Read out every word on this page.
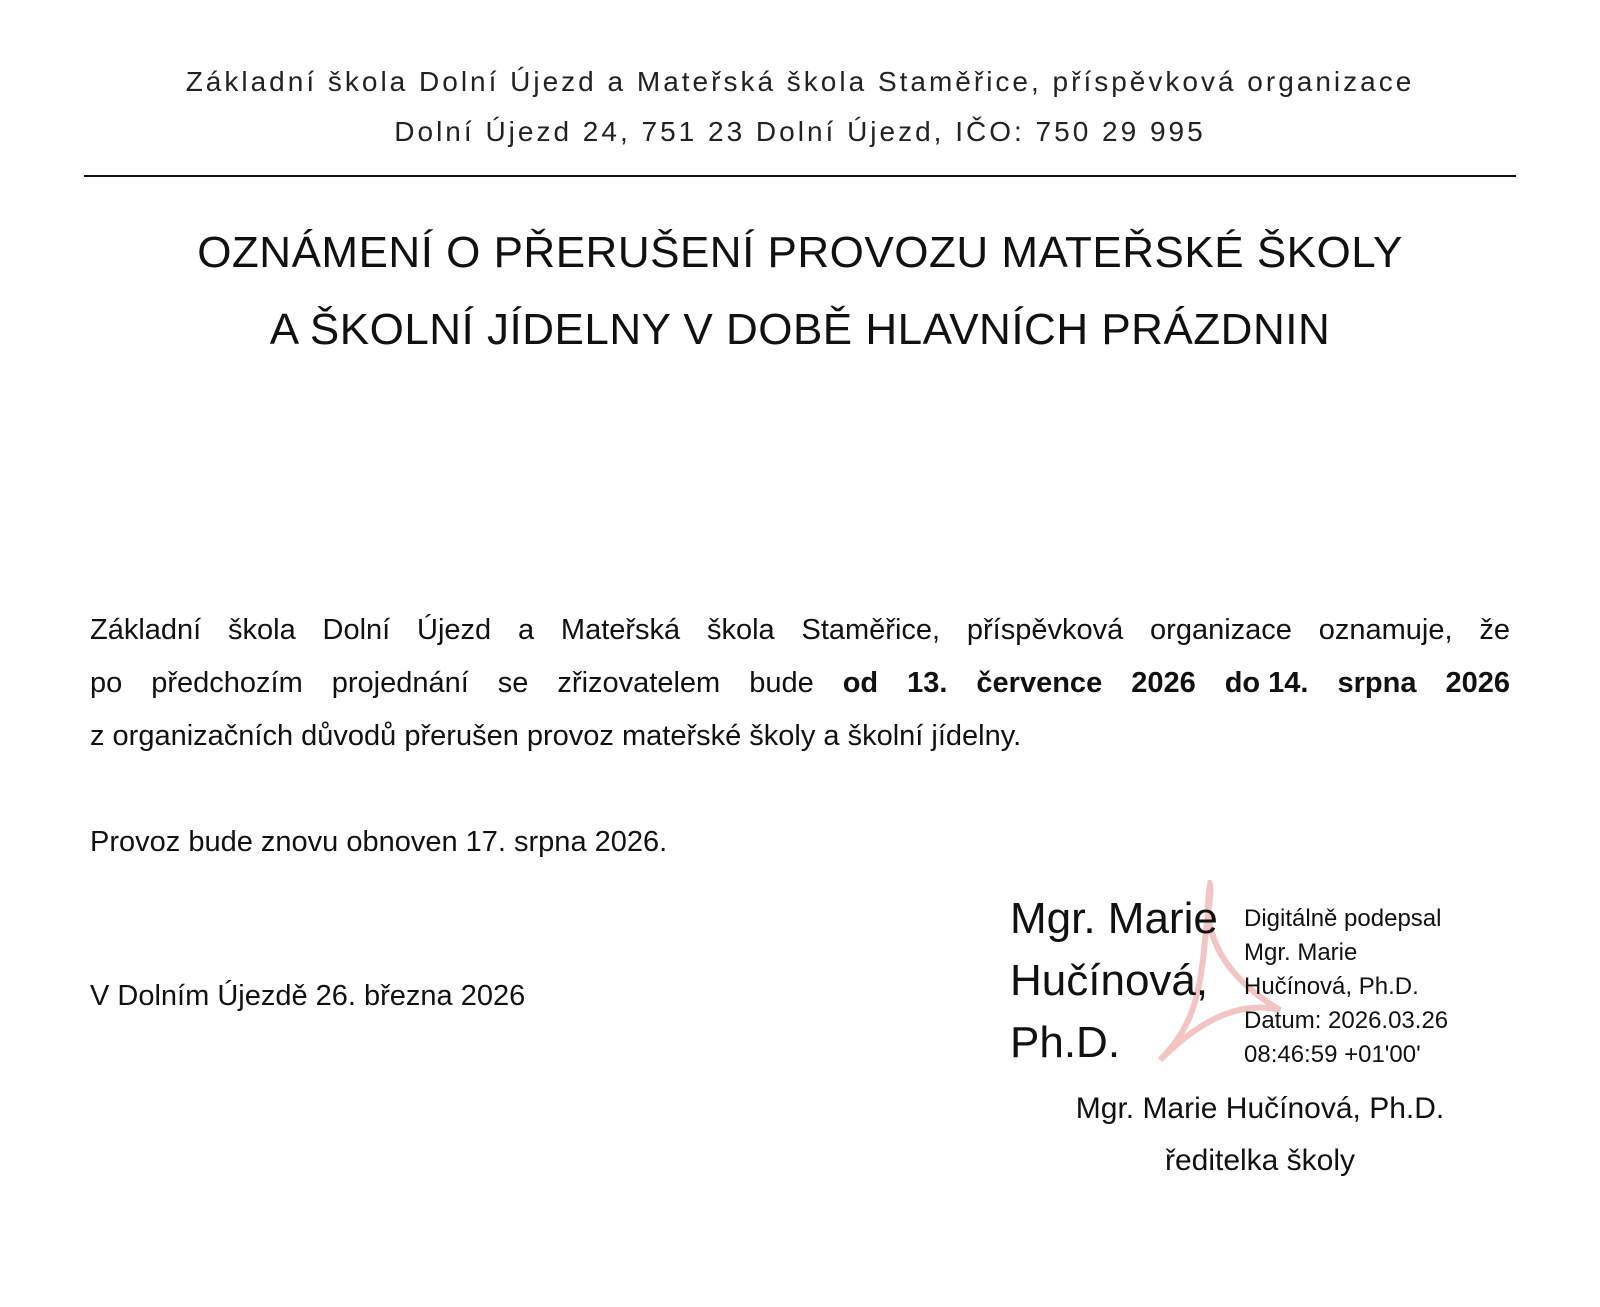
Základní škola Dolní Újezd a Mateřská škola Staměřice, příspěvková organizace
Dolní Újezd 24, 751 23 Dolní Újezd, IČO: 750 29 995
OZNÁMENÍ O PŘERUŠENÍ PROVOZU MATEŘSKÉ ŠKOLY
A ŠKOLNÍ JÍDELNY V DOBĚ HLAVNÍCH PRÁZDNIN
Základní škola Dolní Újezd a Mateřská škola Staměřice, příspěvková organizace oznamuje, že
po předchozím projednání se zřizovatelem bude od 13. července 2026 do 14. srpna 2026
z organizačních důvodů přerušen provoz mateřské školy a školní jídelny.
Provoz bude znovu obnoven 17. srpna 2026.
V Dolním Újezdě 26. března 2026
Mgr. Marie
Hučínová,
Ph.D.
Digitálně podepsal
Mgr. Marie
Hučínová, Ph.D.
Datum: 2026.03.26
08:46:59 +01'00'
Mgr. Marie Hučínová, Ph.D.
ředitelka školy
